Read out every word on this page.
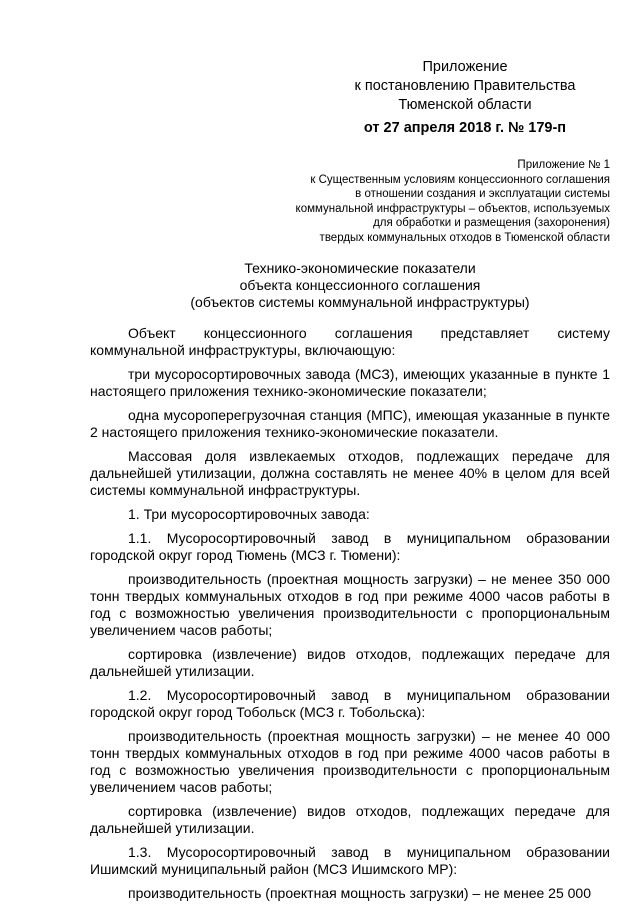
Приложение
к постановлению Правительства
Тюменской области
от 27 апреля 2018 г. № 179-п
Приложение № 1
к Существенным условиям концессионного соглашения
в отношении создания и эксплуатации системы
коммунальной инфраструктуры – объектов, используемых
для обработки и размещения (захоронения)
твердых коммунальных отходов в Тюменской области
Технико-экономические показатели
объекта концессионного соглашения
(объектов системы коммунальной инфраструктуры)

Объект концессионного соглашения представляет систему коммунальной инфраструктуры, включающую:

три мусоросортировочных завода (МСЗ), имеющих указанные в пункте 1 настоящего приложения технико-экономические показатели;

одна мусороперегрузочная станция (МПС), имеющая указанные в пункте 2 настоящего приложения технико-экономические показатели.

Массовая доля извлекаемых отходов, подлежащих передаче для дальнейшей утилизации, должна составлять не менее 40% в целом для всей системы коммунальной инфраструктуры.

1. Три мусоросортировочных завода:

1.1. Мусоросортировочный завод в муниципальном образовании городской округ город Тюмень (МСЗ г. Тюмени):

производительность (проектная мощность загрузки) – не менее 350 000 тонн твердых коммунальных отходов в год при режиме 4000 часов работы в год с возможностью увеличения производительности с пропорциональным увеличением часов работы;

сортировка (извлечение) видов отходов, подлежащих передаче для дальнейшей утилизации.

1.2. Мусоросортировочный завод в муниципальном образовании городской округ город Тобольск (МСЗ г. Тобольска):

производительность (проектная мощность загрузки) – не менее 40 000 тонн твердых коммунальных отходов в год при режиме 4000 часов работы в год с возможностью увеличения производительности с пропорциональным увеличением часов работы;

сортировка (извлечение) видов отходов, подлежащих передаче для дальнейшей утилизации.

1.3. Мусоросортировочный завод в муниципальном образовании Ишимский муниципальный район (МСЗ Ишимского МР):

производительность (проектная мощность загрузки) – не менее 25 000
